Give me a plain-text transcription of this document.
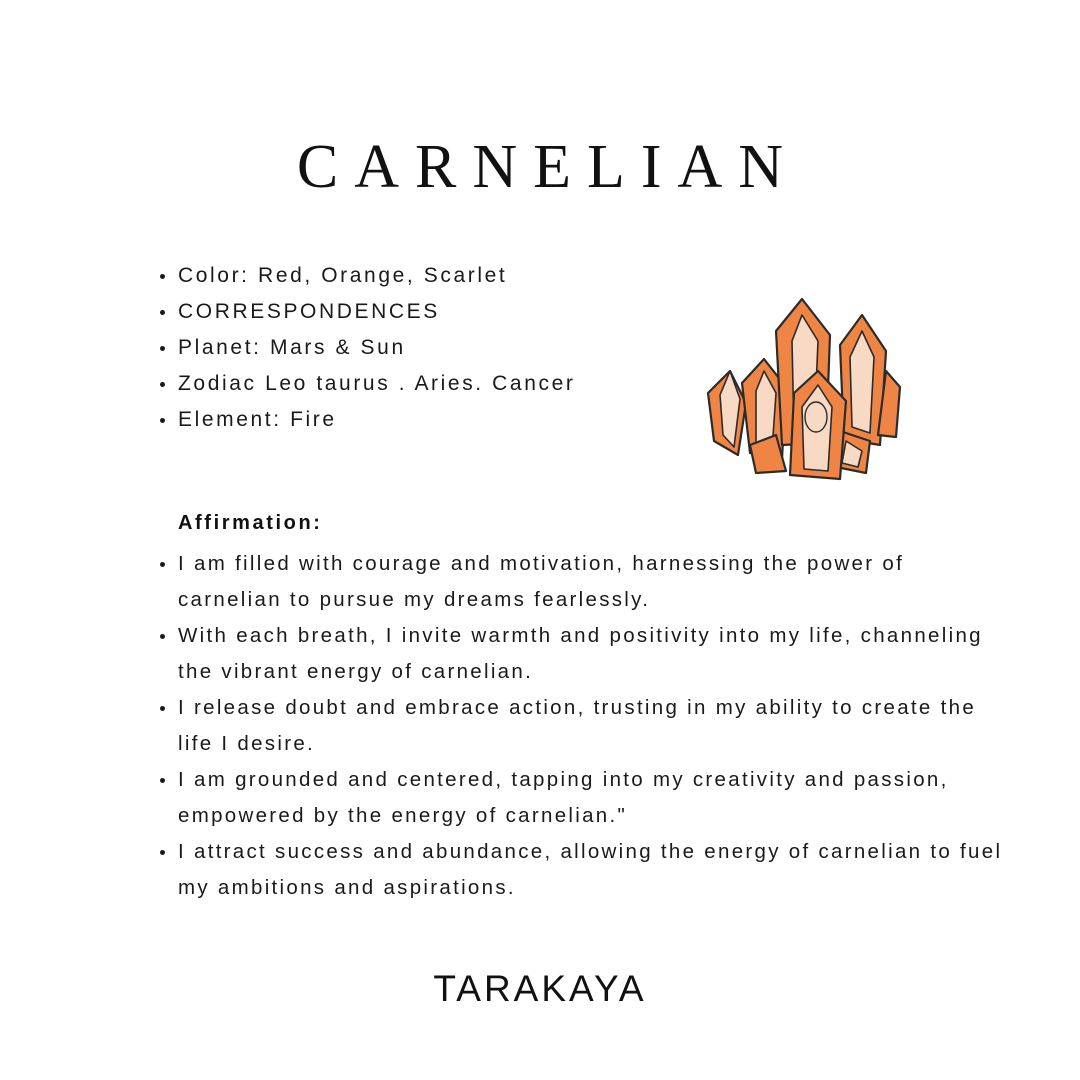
CARNELIAN
Color: Red, Orange, Scarlet
CORRESPONDENCES
Planet: Mars & Sun
Zodiac Leo taurus . Aries. Cancer
Element: Fire
Affirmation:
I am filled with courage and motivation, harnessing the power of carnelian to pursue my dreams fearlessly.
With each breath, I invite warmth and positivity into my life, channeling the vibrant energy of carnelian.
I release doubt and embrace action, trusting in my ability to create the life I desire.
I am grounded and centered, tapping into my creativity and passion, empowered by the energy of carnelian."
I attract success and abundance, allowing the energy of carnelian to fuel my ambitions and aspirations.
TARAKAYA
